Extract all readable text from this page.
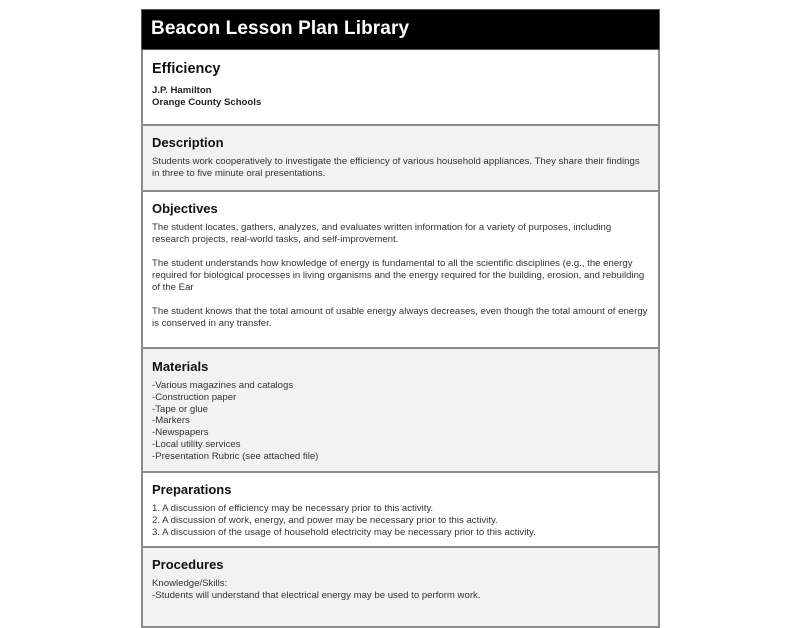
Beacon Lesson Plan Library
Efficiency
J.P. Hamilton
Orange County Schools
Description

Students work cooperatively to investigate the efficiency of various household appliances. They share their findings in three to five minute oral presentations.

Objectives

The student locates, gathers, analyzes, and evaluates written information for a variety of purposes, including research projects, real-world tasks, and self-improvement.

The student understands how knowledge of energy is fundamental to all the scientific disciplines (e.g., the energy required for biological processes in living organisms and the energy required for the building, erosion, and rebuilding of the Ear

The student knows that the total amount of usable energy always decreases, even though the total amount of energy is conserved in any transfer.

Materials
-Various magazines and catalogs
-Construction paper
-Tape or glue
-Markers
-Newspapers
-Local utility services
-Presentation Rubric (see attached file)
Preparations
1. A discussion of efficiency may be necessary prior to this activity.
2. A discussion of work, energy, and power may be necessary prior to this activity.
3. A discussion of the usage of household electricity may be necessary prior to this activity.
Procedures
Knowledge/Skills:
-Students will understand that electrical energy may be used to perform work.
